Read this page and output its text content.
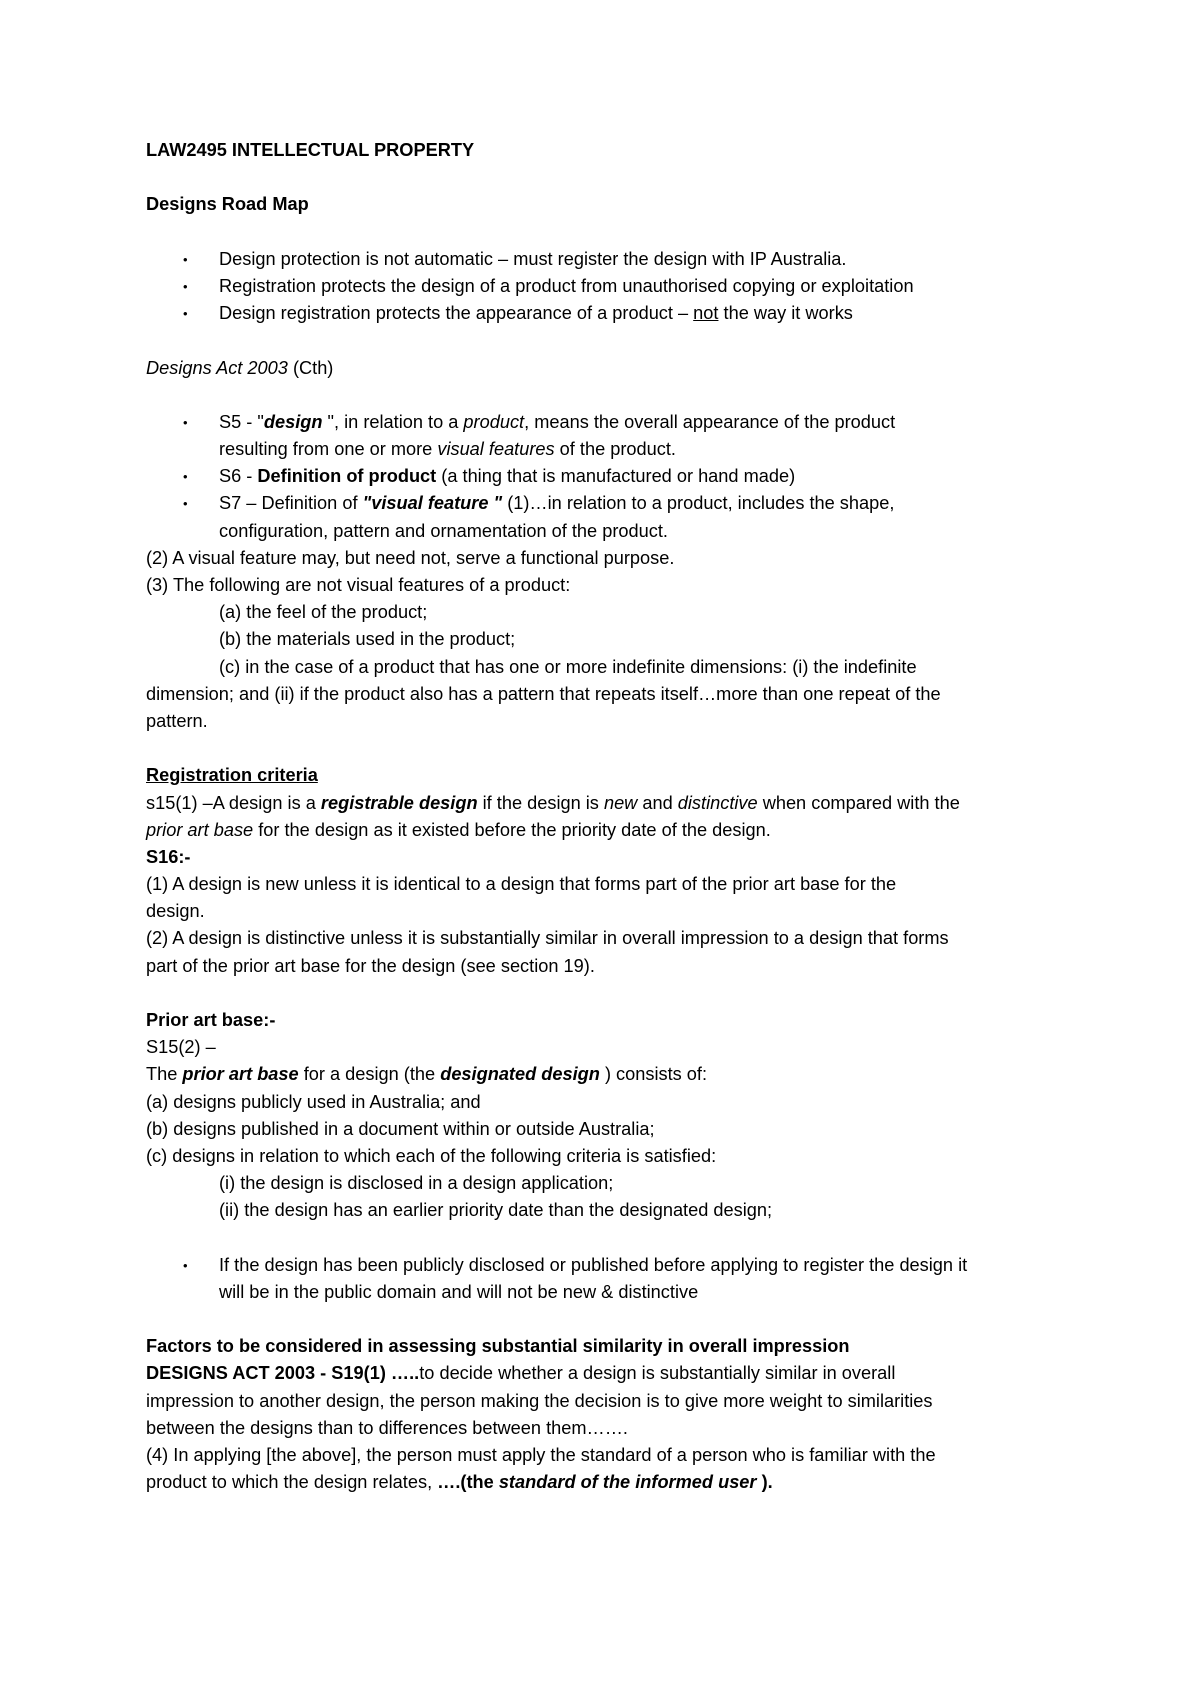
LAW2495 INTELLECTUAL PROPERTY
Designs Road Map
• Design protection is not automatic – must register the design with IP Australia.
• Registration protects the design of a product from unauthorised copying or exploitation
• Design registration protects the appearance of a product – not the way it works
Designs Act 2003 (Cth)
• S5 - "design ", in relation to a product, means the overall appearance of the product
resulting from one or more visual features of the product.
• S6 - Definition of product (a thing that is manufactured or hand made)
• S7 – Definition of "visual feature " (1)…in relation to a product, includes the shape,
configuration, pattern and ornamentation of the product.
(2) A visual feature may, but need not, serve a functional purpose.
(3) The following are not visual features of a product:
(a) the feel of the product;
(b) the materials used in the product;
(c) in the case of a product that has one or more indefinite dimensions: (i) the indefinite
dimension; and (ii) if the product also has a pattern that repeats itself…more than one repeat of the
pattern.
Registration criteria
s15(1) –A design is a registrable design if the design is new and distinctive when compared with the
prior art base for the design as it existed before the priority date of the design.
S16:-
(1) A design is new unless it is identical to a design that forms part of the prior art base for the
design.
(2) A design is distinctive unless it is substantially similar in overall impression to a design that forms
part of the prior art base for the design (see section 19).
Prior art base:-
S15(2) –
The prior art base for a design (the designated design ) consists of:
(a) designs publicly used in Australia; and
(b) designs published in a document within or outside Australia;
(c) designs in relation to which each of the following criteria is satisfied:
(i) the design is disclosed in a design application;
(ii) the design has an earlier priority date than the designated design;
• If the design has been publicly disclosed or published before applying to register the design it
will be in the public domain and will not be new & distinctive
Factors to be considered in assessing substantial similarity in overall impression
DESIGNS ACT 2003 - S19(1) …..to decide whether a design is substantially similar in overall
impression to another design, the person making the decision is to give more weight to similarities
between the designs than to differences between them…….
(4) In applying [the above], the person must apply the standard of a person who is familiar with the
product to which the design relates, ….(the standard of the informed user ).
